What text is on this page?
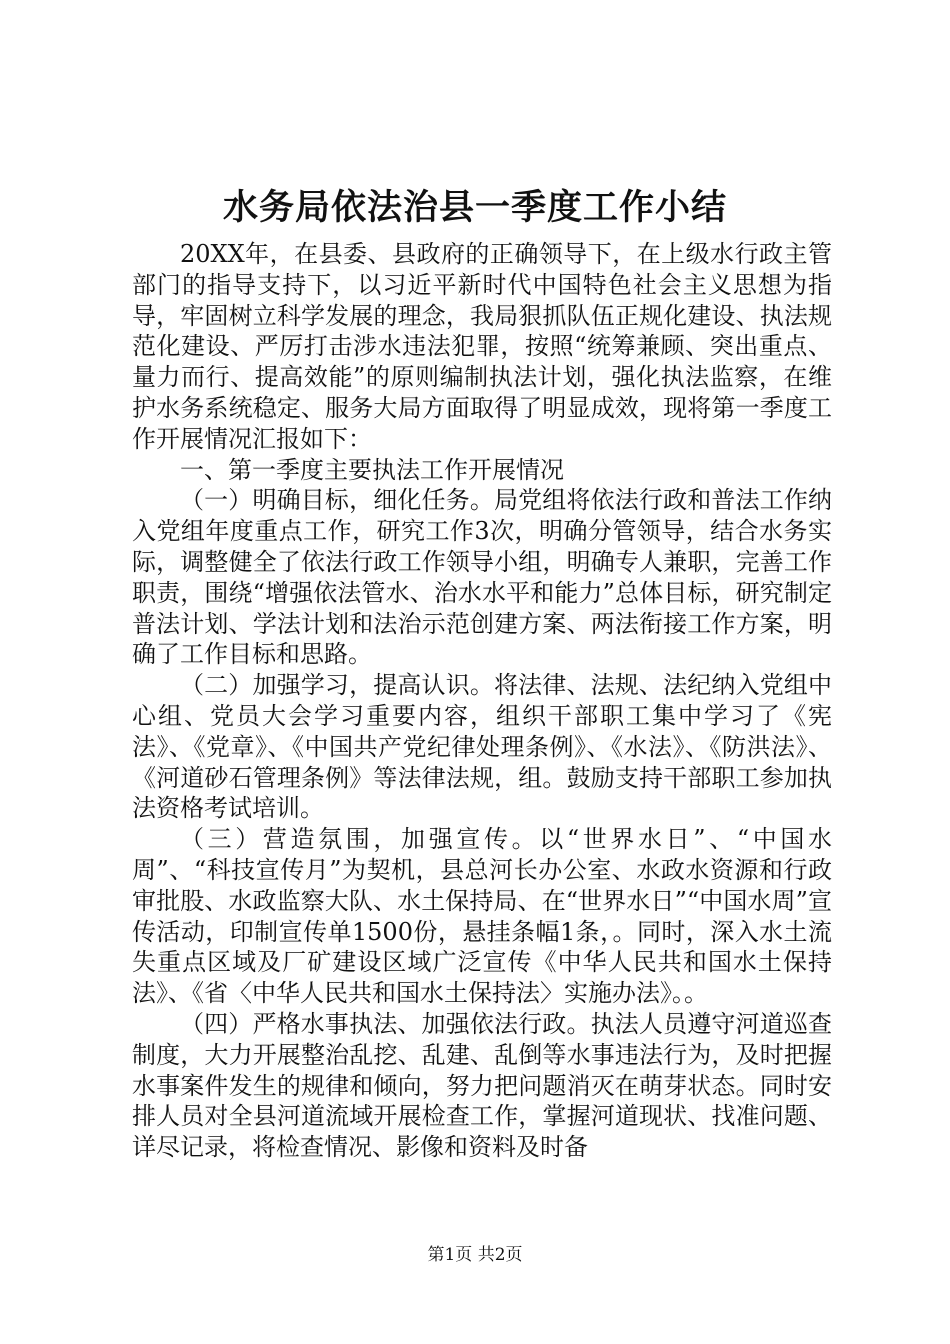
水务局依法治县一季度工作小结

20XX年，在县委、县政府的正确领导下，在上级水行政主管部门的指导支持下，以习近平新时代中国特色社会主义思想为指导，牢固树立科学发展的理念，我局狠抓队伍正规化建设、执法规范化建设、严厉打击涉水违法犯罪，按照“统筹兼顾、突出重点、量力而行、提高效能”的原则编制执法计划，强化执法监察，在维护水务系统稳定、服务大局方面取得了明显成效，现将第一季度工作开展情况汇报如下：

一、第一季度主要执法工作开展情况

（一）明确目标，细化任务。局党组将依法行政和普法工作纳入党组年度重点工作，研究工作3次，明确分管领导，结合水务实际，调整健全了依法行政工作领导小组，明确专人兼职，完善工作职责，围绕“增强依法管水、治水水平和能力”总体目标，研究制定普法计划、学法计划和法治示范创建方案、两法衔接工作方案，明确了工作目标和思路。

（二）加强学习，提高认识。将法律、法规、法纪纳入党组中心组、党员大会学习重要内容，组织干部职工集中学习了《宪法》、《党章》、《中国共产党纪律处理条例》、《水法》、《防洪法》、《河道砂石管理条例》等法律法规，组。鼓励支持干部职工参加执法资格考试培训。

（三）营造氛围，加强宣传。以“世界水日”、“中国水周”、“科技宣传月”为契机，县总河长办公室、水政水资源和行政审批股、水政监察大队、水土保持局、在“世界水日”“中国水周”宣传活动，印制宣传单1500份，悬挂条幅1条，。同时，深入水土流失重点区域及厂矿建设区域广泛宣传《中华人民共和国水土保持法》、《省〈中华人民共和国水土保持法〉实施办法》。。

（四）严格水事执法、加强依法行政。执法人员遵守河道巡查制度，大力开展整治乱挖、乱建、乱倒等水事违法行为，及时把握水事案件发生的规律和倾向，努力把问题消灭在萌芽状态。同时安排人员对全县河道流域开展检查工作，掌握河道现状、找准问题、详尽记录，将检查情况、影像和资料及时备

第1页 共2页
